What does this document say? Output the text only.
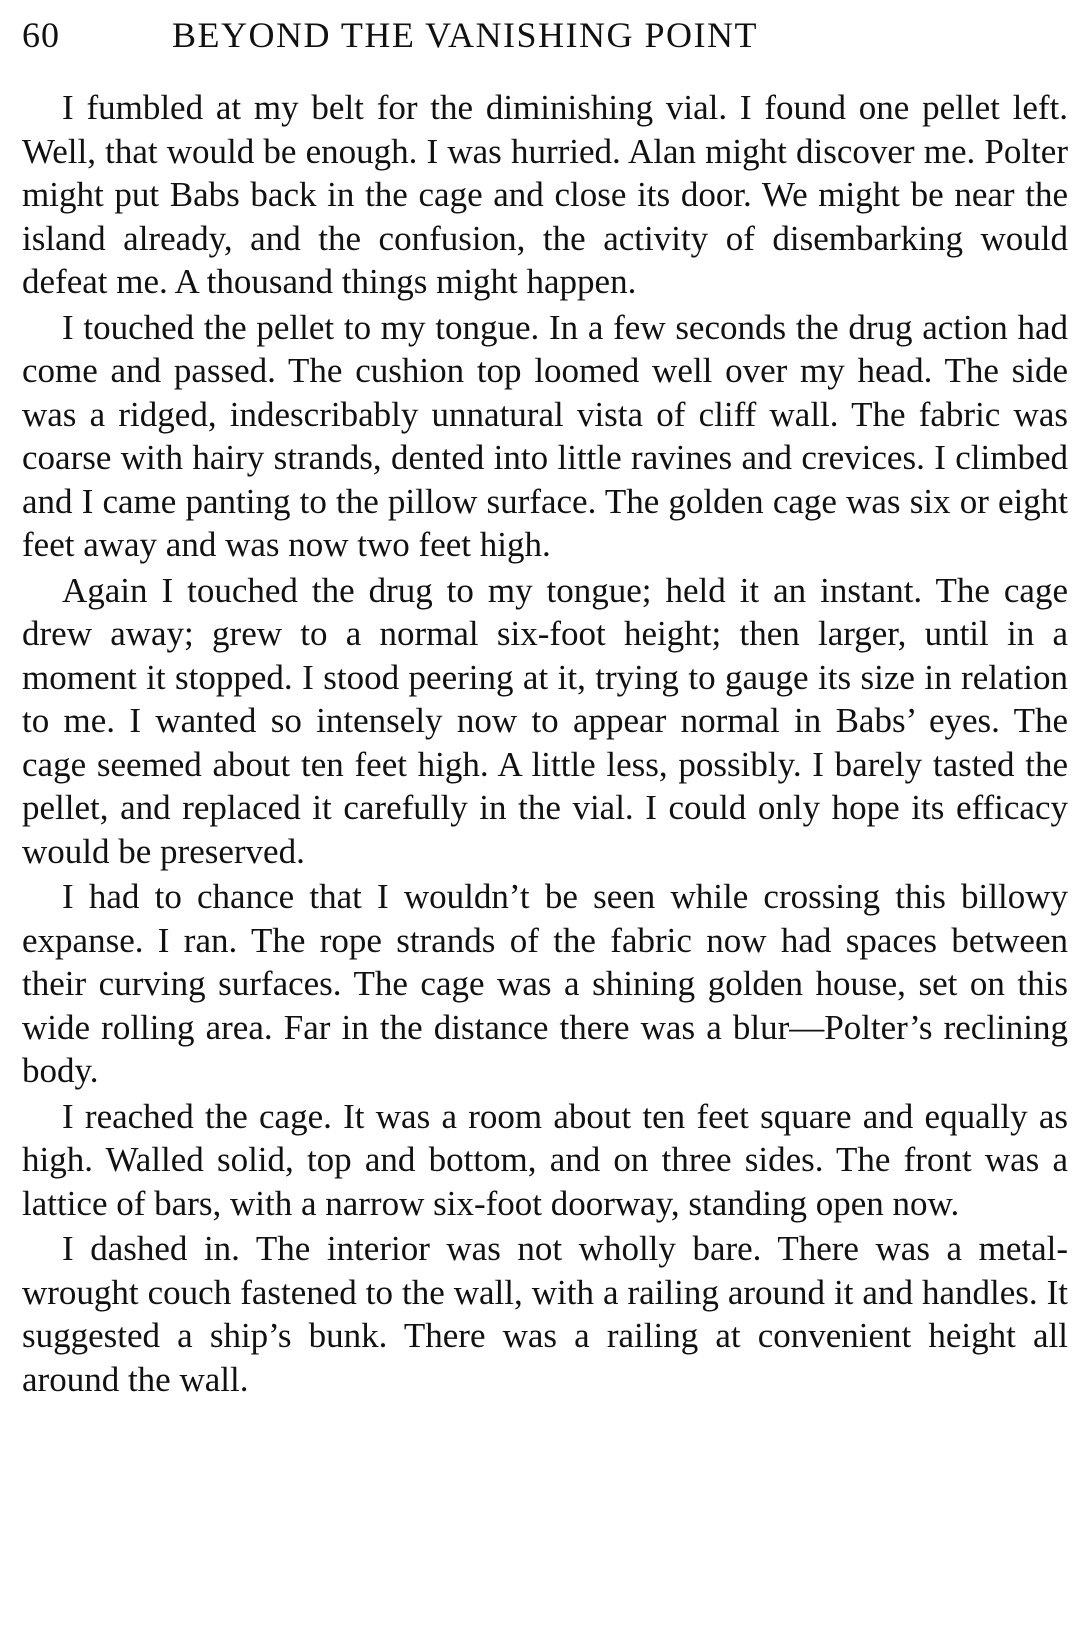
60	BEYOND THE VANISHING POINT

I fumbled at my belt for the diminishing vial. I found one pellet left. Well, that would be enough. I was hurried. Alan might discover me. Polter might put Babs back in the cage and close its door. We might be near the island already, and the confusion, the activity of disembarking would defeat me. A thousand things might happen.

I touched the pellet to my tongue. In a few seconds the drug action had come and passed. The cushion top loomed well over my head. The side was a ridged, indescribably unnatural vista of cliff wall. The fabric was coarse with hairy strands, dented into little ravines and crevices. I climbed and I came panting to the pillow surface. The golden cage was six or eight feet away and was now two feet high.

Again I touched the drug to my tongue; held it an instant. The cage drew away; grew to a normal six-foot height; then larger, until in a moment it stopped. I stood peering at it, trying to gauge its size in relation to me. I wanted so intensely now to appear normal in Babs’ eyes. The cage seemed about ten feet high. A little less, possibly. I barely tasted the pellet, and replaced it carefully in the vial. I could only hope its efficacy would be preserved.

I had to chance that I wouldn’t be seen while crossing this billowy expanse. I ran. The rope strands of the fabric now had spaces between their curving surfaces. The cage was a shining golden house, set on this wide rolling area. Far in the distance there was a blur—Polter’s reclining body.

I reached the cage. It was a room about ten feet square and equally as high. Walled solid, top and bottom, and on three sides. The front was a lattice of bars, with a narrow six-foot doorway, standing open now.

I dashed in. The interior was not wholly bare. There was a metal-wrought couch fastened to the wall, with a railing around it and handles. It suggested a ship’s bunk. There was a railing at convenient height all around the wall.
